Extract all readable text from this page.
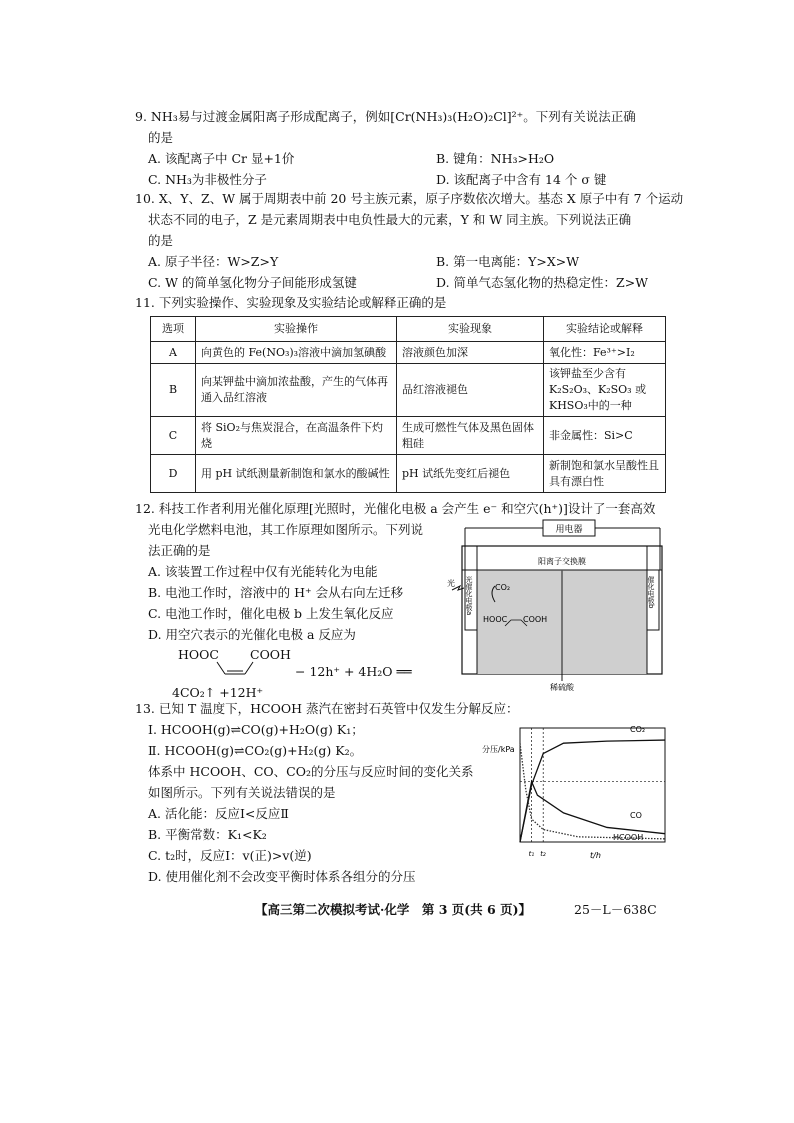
9. NH₃易与过渡金属阳离子形成配离子，例如[Cr(NH₃)₃(H₂O)₂Cl]²⁺。下列有关说法正确
的是
A. 该配离子中 Cr 显+1价	B. 键角：NH₃>H₂O
C. NH₃为非极性分子	D. 该配离子中含有 14 个 σ 键
10. X、Y、Z、W 属于周期表中前 20 号主族元素，原子序数依次增大。基态 X 原子中有 7 个运动
状态不同的电子，Z 是元素周期表中电负性最大的元素，Y 和 W 同主族。下列说法正确
的是
A. 原子半径：W>Z>Y	B. 第一电离能：Y>X>W
C. W 的简单氢化物分子间能形成氢键	D. 简单气态氢化物的热稳定性：Z>W
11. 下列实验操作、实验现象及实验结论或解释正确的是
选项	实验操作	实验现象	实验结论或解释
A	向黄色的 Fe(NO₃)₃溶液中滴加氢碘酸	溶液颜色加深	氧化性：Fe³⁺>I₂
B	向某钾盐中滴加浓盐酸，产生的气体再通入品红溶液	品红溶液褪色	该钾盐至少含有 K₂S₂O₃、K₂SO₃ 或 KHSO₃中的一种
C	将 SiO₂与焦炭混合，在高温条件下灼烧	生成可燃性气体及黑色固体粗硅	非金属性：Si>C
D	用 pH 试纸测量新制饱和氯水的酸碱性	pH 试纸先变红后褪色	新制饱和氯水呈酸性且具有漂白性
12. 科技工作者利用光催化原理[光照时，光催化电极 a 会产生 e⁻ 和空穴(h⁺)]设计了一套高效
光电化学燃料电池，其工作原理如图所示。下列说
法正确的是
A. 该装置工作过程中仅有光能转化为电能
B. 电池工作时，溶液中的 H⁺ 会从右向左迁移
C. 电池工作时，催化电极 b 上发生氧化反应
D. 用空穴表示的光催化电极 a 反应为
HOOC COOH
− 12h⁺ + 4H₂O ══
4CO₂↑ +12H⁺
用电器
阳离子交换膜
光 光催化电极a	催化电极b
CO₂
HOOC COOH
稀硫酸
13. 已知 T 温度下，HCOOH 蒸汽在密封石英管中仅发生分解反应：
Ⅰ. HCOOH(g)⇌CO(g)+H₂O(g) K₁；
Ⅱ. HCOOH(g)⇌CO₂(g)+H₂(g) K₂。
体系中 HCOOH、CO、CO₂的分压与反应时间的变化关系
如图所示。下列有关说法错误的是
A. 活化能：反应Ⅰ<反应Ⅱ
B. 平衡常数：K₁<K₂
C. t₂时，反应Ⅰ：v(正)>v(逆)
D. 使用催化剂不会改变平衡时体系各组分的分压
分压/kPa
t/h
t₁ t₂
CO₂
CO
HCOOH
【高三第二次模拟考试·化学　第 3 页(共 6 页)】	25－L－638C
